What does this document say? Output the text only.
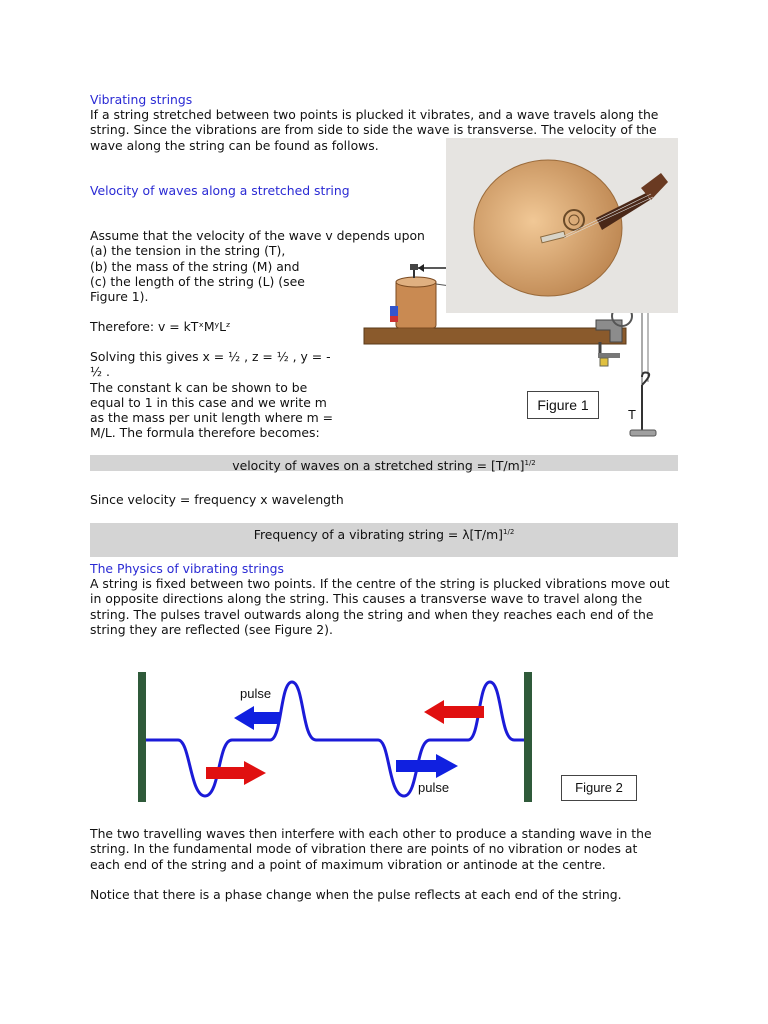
Vibrating strings
If a string stretched between two points is plucked it vibrates, and a wave travels along the
string. Since the vibrations are from side to side the wave is transverse. The velocity of the
wave along the string can be found as follows.
Velocity of waves along a stretched string
Assume that the velocity of the wave v depends upon
(a) the tension in the string (T),
(b) the mass of the string (M) and
(c) the length of the string (L) (see
Figure 1).
Therefore: v = kTˣMʸLᶻ
Solving this gives x = ½ , z = ½ , y = -
½ .
The constant k can be shown to be
equal to 1 in this case and we write m
as the mass per unit length where m =
M/L. The formula therefore becomes:
Figure 1
T
velocity of waves on a stretched string = $[T/m]^{1/2}$
Since velocity = frequency x wavelength
Frequency of a vibrating string = $\lambda[T/m]^{1/2}$
The Physics of vibrating strings
A string is fixed between two points. If the centre of the string is plucked vibrations move out
in opposite directions along the string. This causes a transverse wave to travel along the
string. The pulses travel outwards along the string and when they reaches each end of the
string they are reflected (see Figure 2).
pulse
pulse	Figure 2
The two travelling waves then interfere with each other to produce a standing wave in the
string. In the fundamental mode of vibration there are points of no vibration or nodes at
each end of the string and a point of maximum vibration or antinode at the centre.
Notice that there is a phase change when the pulse reflects at each end of the string.
